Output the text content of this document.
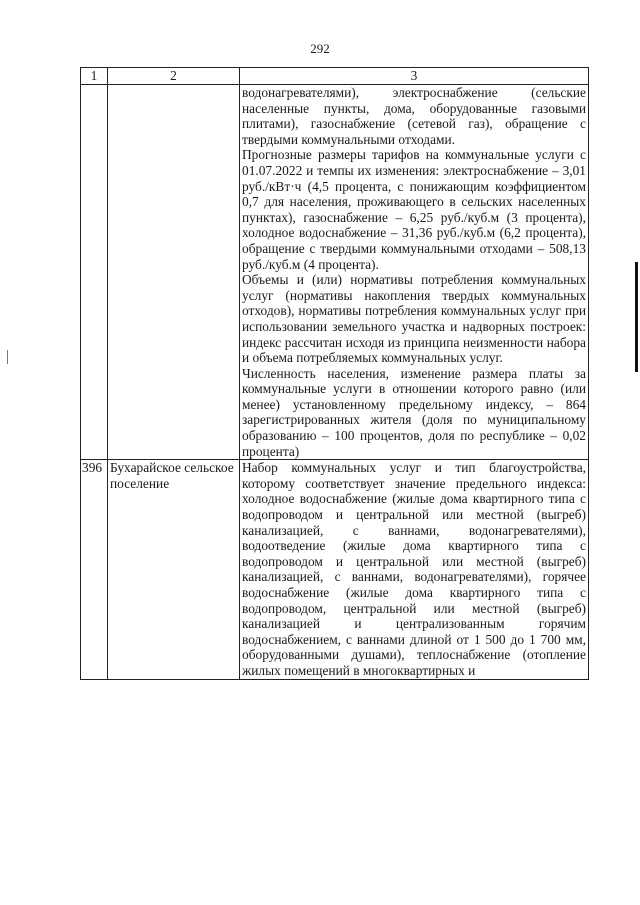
292
1	2	3

		водонагревателями), электроснабжение (сельские населенные пункты, дома, оборудованные газовыми плитами), газоснабжение (сетевой газ), обращение с твердыми коммунальными отходами.

Прогнозные размеры тарифов на коммунальные услуги с 01.07.2022 и темпы их изменения: электроснабжение – 3,01 руб./кВт·ч (4,5 процента, с понижающим коэффициентом 0,7 для населения, проживающего в сельских населенных пунктах), газоснабжение – 6,25 руб./куб.м (3 процента), холодное водоснабжение – 31,36 руб./куб.м (6,2 процента), обращение с твердыми коммунальными отходами – 508,13 руб./куб.м (4 процента).

Объемы и (или) нормативы потребления коммунальных услуг (нормативы накопления твердых коммунальных отходов), нормативы потребления коммунальных услуг при использовании земельного участка и надворных построек: индекс рассчитан исходя из принципа неизменности набора и объема потребляемых коммунальных услуг.

Численность населения, изменение размера платы за коммунальные услуги в отношении которого равно (или менее) установленному предельному индексу, – 864 зарегистрированных жителя (доля по муниципальному образованию – 100 процентов, доля по республике – 0,02 процента)

396	Бухарайское сельское поселение	Набор коммунальных услуг и тип благоустройства, которому соответствует значение предельного индекса: холодное водоснабжение (жилые дома квартирного типа с водопроводом и центральной или местной (выгреб) канализацией, с ваннами, водонагревателями), водоотведение (жилые дома квартирного типа с водопроводом и центральной или местной (выгреб) канализацией, с ваннами, водонагревателями), горячее водоснабжение (жилые дома квартирного типа с водопроводом, центральной или местной (выгреб) канализацией и централизованным горячим водоснабжением, с ваннами длиной от 1 500 до 1 700 мм, оборудованными душами), теплоснабжение (отопление жилых помещений в многоквартирных и
